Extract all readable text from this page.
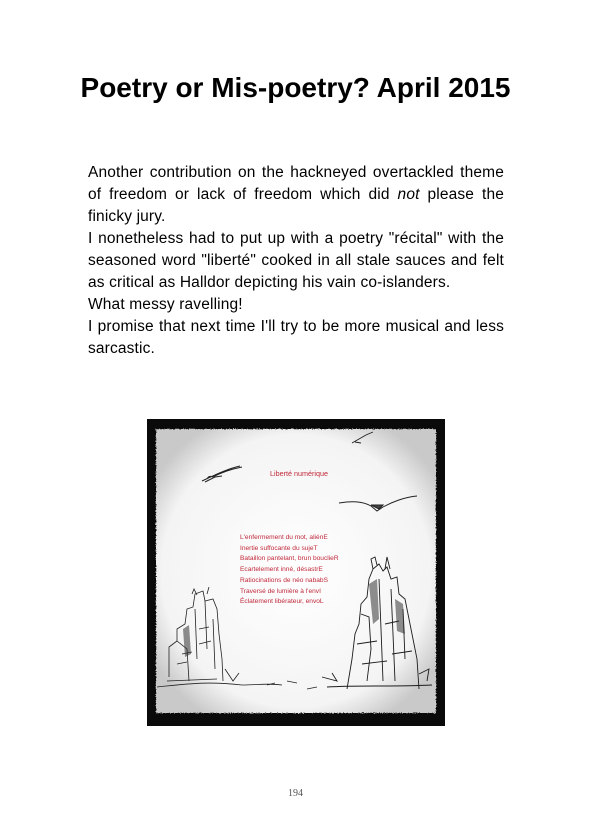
Poetry or Mis-poetry? April 2015

Another contribution on the hackneyed overtackled theme of freedom or lack of freedom which did not please the finicky jury.

I nonetheless had to put up with a poetry "récital" with the seasoned word "liberté" cooked in all stale sauces and felt as critical as Halldor depicting his vain co-islanders.

What messy ravelling!

I promise that next time I'll try to be more musical and less sarcastic.

Liberté numérique
L'enfermement du mot, aliénE
Inertie suffocante du sujeT
Bataillon pantelant, brun bouclieR
Ecartelement inné, désastrE
Ratiocinations de néo nababS
Traversé de lumière à l'envI
Éclatement libérateur, envoL
194
